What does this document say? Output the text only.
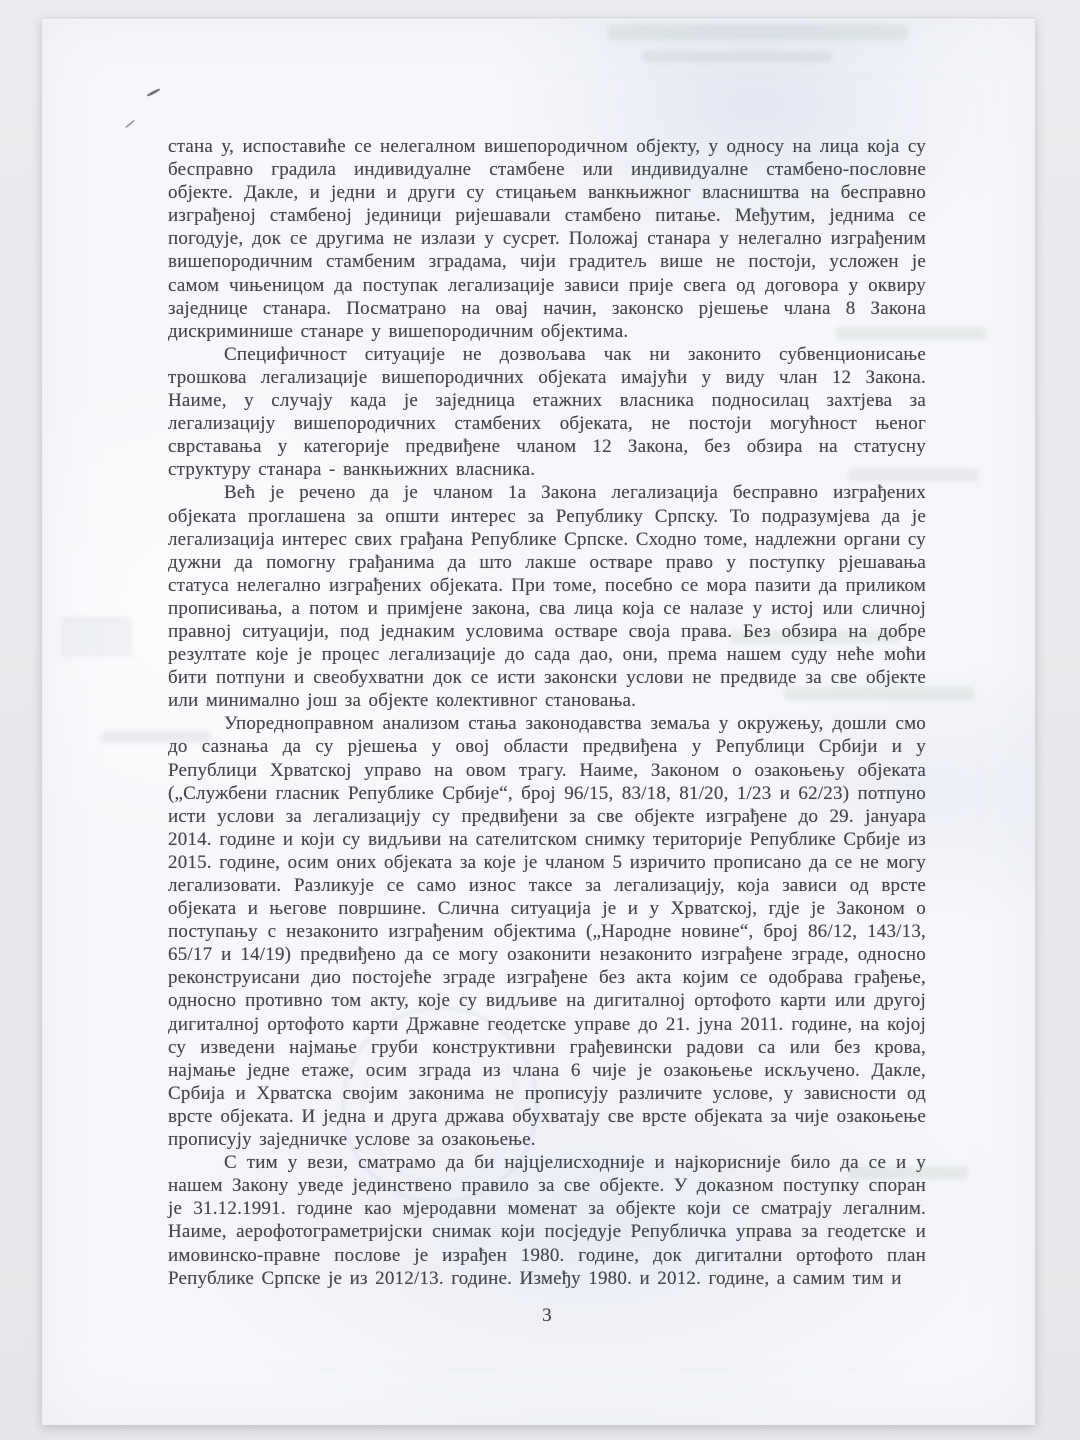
стана у, испоставиће се нелегалном вишепородичном објекту, у односу на лица која су бесправно градила индивидуалне стамбене или индивидуалне стамбено-пословне објекте. Дакле, и једни и други су стицањем ванкњижног власништва на бесправно изграђеној стамбеној јединици ријешавали стамбено питање. Међутим, једнима се погодује, док се другима не излази у сусрет. Положај станара у нелегално изграђеним вишепородичним стамбеним зградама, чији градитељ више не постоји, усложен је самом чињеницом да поступак легализације зависи прије свега од договора у оквиру заједнице станара. Посматрано на овај начин, законско рјешење члана 8 Закона дискриминише станаре у вишепородичним објектима.

Специфичност ситуације не дозвољава чак ни законито субвенционисање трошкова легализације вишепородичних објеката имајући у виду члан 12 Закона. Наиме, у случају када је заједница етажних власника подносилац захтјева за легализацију вишепородичних стамбених објеката, не постоји могућност њеног сврставања у категорије предвиђене чланом 12 Закона, без обзира на статусну структуру станара - ванкњижних власника.

Већ је речено да је чланом 1а Закона легализација бесправно изграђених објеката проглашена за општи интерес за Републику Српску. То подразумјева да је легализација интерес свих грађана Републике Српске. Сходно томе, надлежни органи су дужни да помогну грађанима да што лакше остваре право у поступку рјешавања статуса нелегално изграђених објеката. При томе, посебно се мора пазити да приликом прописивања, а потом и примјене закона, сва лица која се налазе у истој или сличној правној ситуацији, под једнаким условима остваре своја права. Без обзира на добре резултате које је процес легализације до сада дао, они, према нашем суду неће моћи бити потпуни и свеобухватни док се исти законски услови не предвиде за све објекте или минимално још за објекте колективног становања.

Упоредноправном анализом стања законодавства земаља у окружењу, дошли смо до сазнања да су рјешења у овој области предвиђена у Републици Србији и у Републици Хрватској управо на овом трагу. Наиме, Законом о озакоњењу објеката („Службени гласник Републике Србије“, број 96/15, 83/18, 81/20, 1/23 и 62/23) потпуно исти услови за легализацију су предвиђени за све објекте изграђене до 29. јануара 2014. године и који су видљиви на сателитском снимку територије Републике Србије из 2015. године, осим оних објеката за које је чланом 5 изричито прописано да се не могу легализовати. Разликује се само износ таксе за легализацију, која зависи од врсте објеката и његове површине. Слична ситуација је и у Хрватској, гдје је Законом о поступању с незаконито изграђеним објектима („Народне новине“, број 86/12, 143/13, 65/17 и 14/19) предвиђено да се могу озаконити незаконито изграђене зграде, односно реконструисани дио постојеће зграде изграђене без акта којим се одобрава грађење, односно противно том акту, које су видљиве на дигиталној ортофото карти или другој дигиталној ортофото карти Државне геодетске управе до 21. јуна 2011. године, на којој су изведени најмање груби конструктивни грађевински радови са или без крова, најмање једне етаже, осим зграда из члана 6 чије је озакоњење искључено. Дакле, Србија и Хрватска својим законима не прописују различите услове, у зависности од врсте објеката. И једна и друга држава обухватају све врсте објеката за чије озакоњење прописују заједничке услове за озакоњење.

С тим у вези, сматрамо да би најцјелисходније и најкорисније било да се и у нашем Закону уведе јединствено правило за све објекте. У доказном поступку споран је 31.12.1991. године као мјеродавни моменат за објекте који се сматрају легалним. Наиме, аерофотограметријски снимак који посједује Републичка управа за геодетске и имовинско-правне послове је израђен 1980. године, док дигитални ортофото план Републике Српске је из 2012/13. године. Између 1980. и 2012. године, а самим тим и

3
